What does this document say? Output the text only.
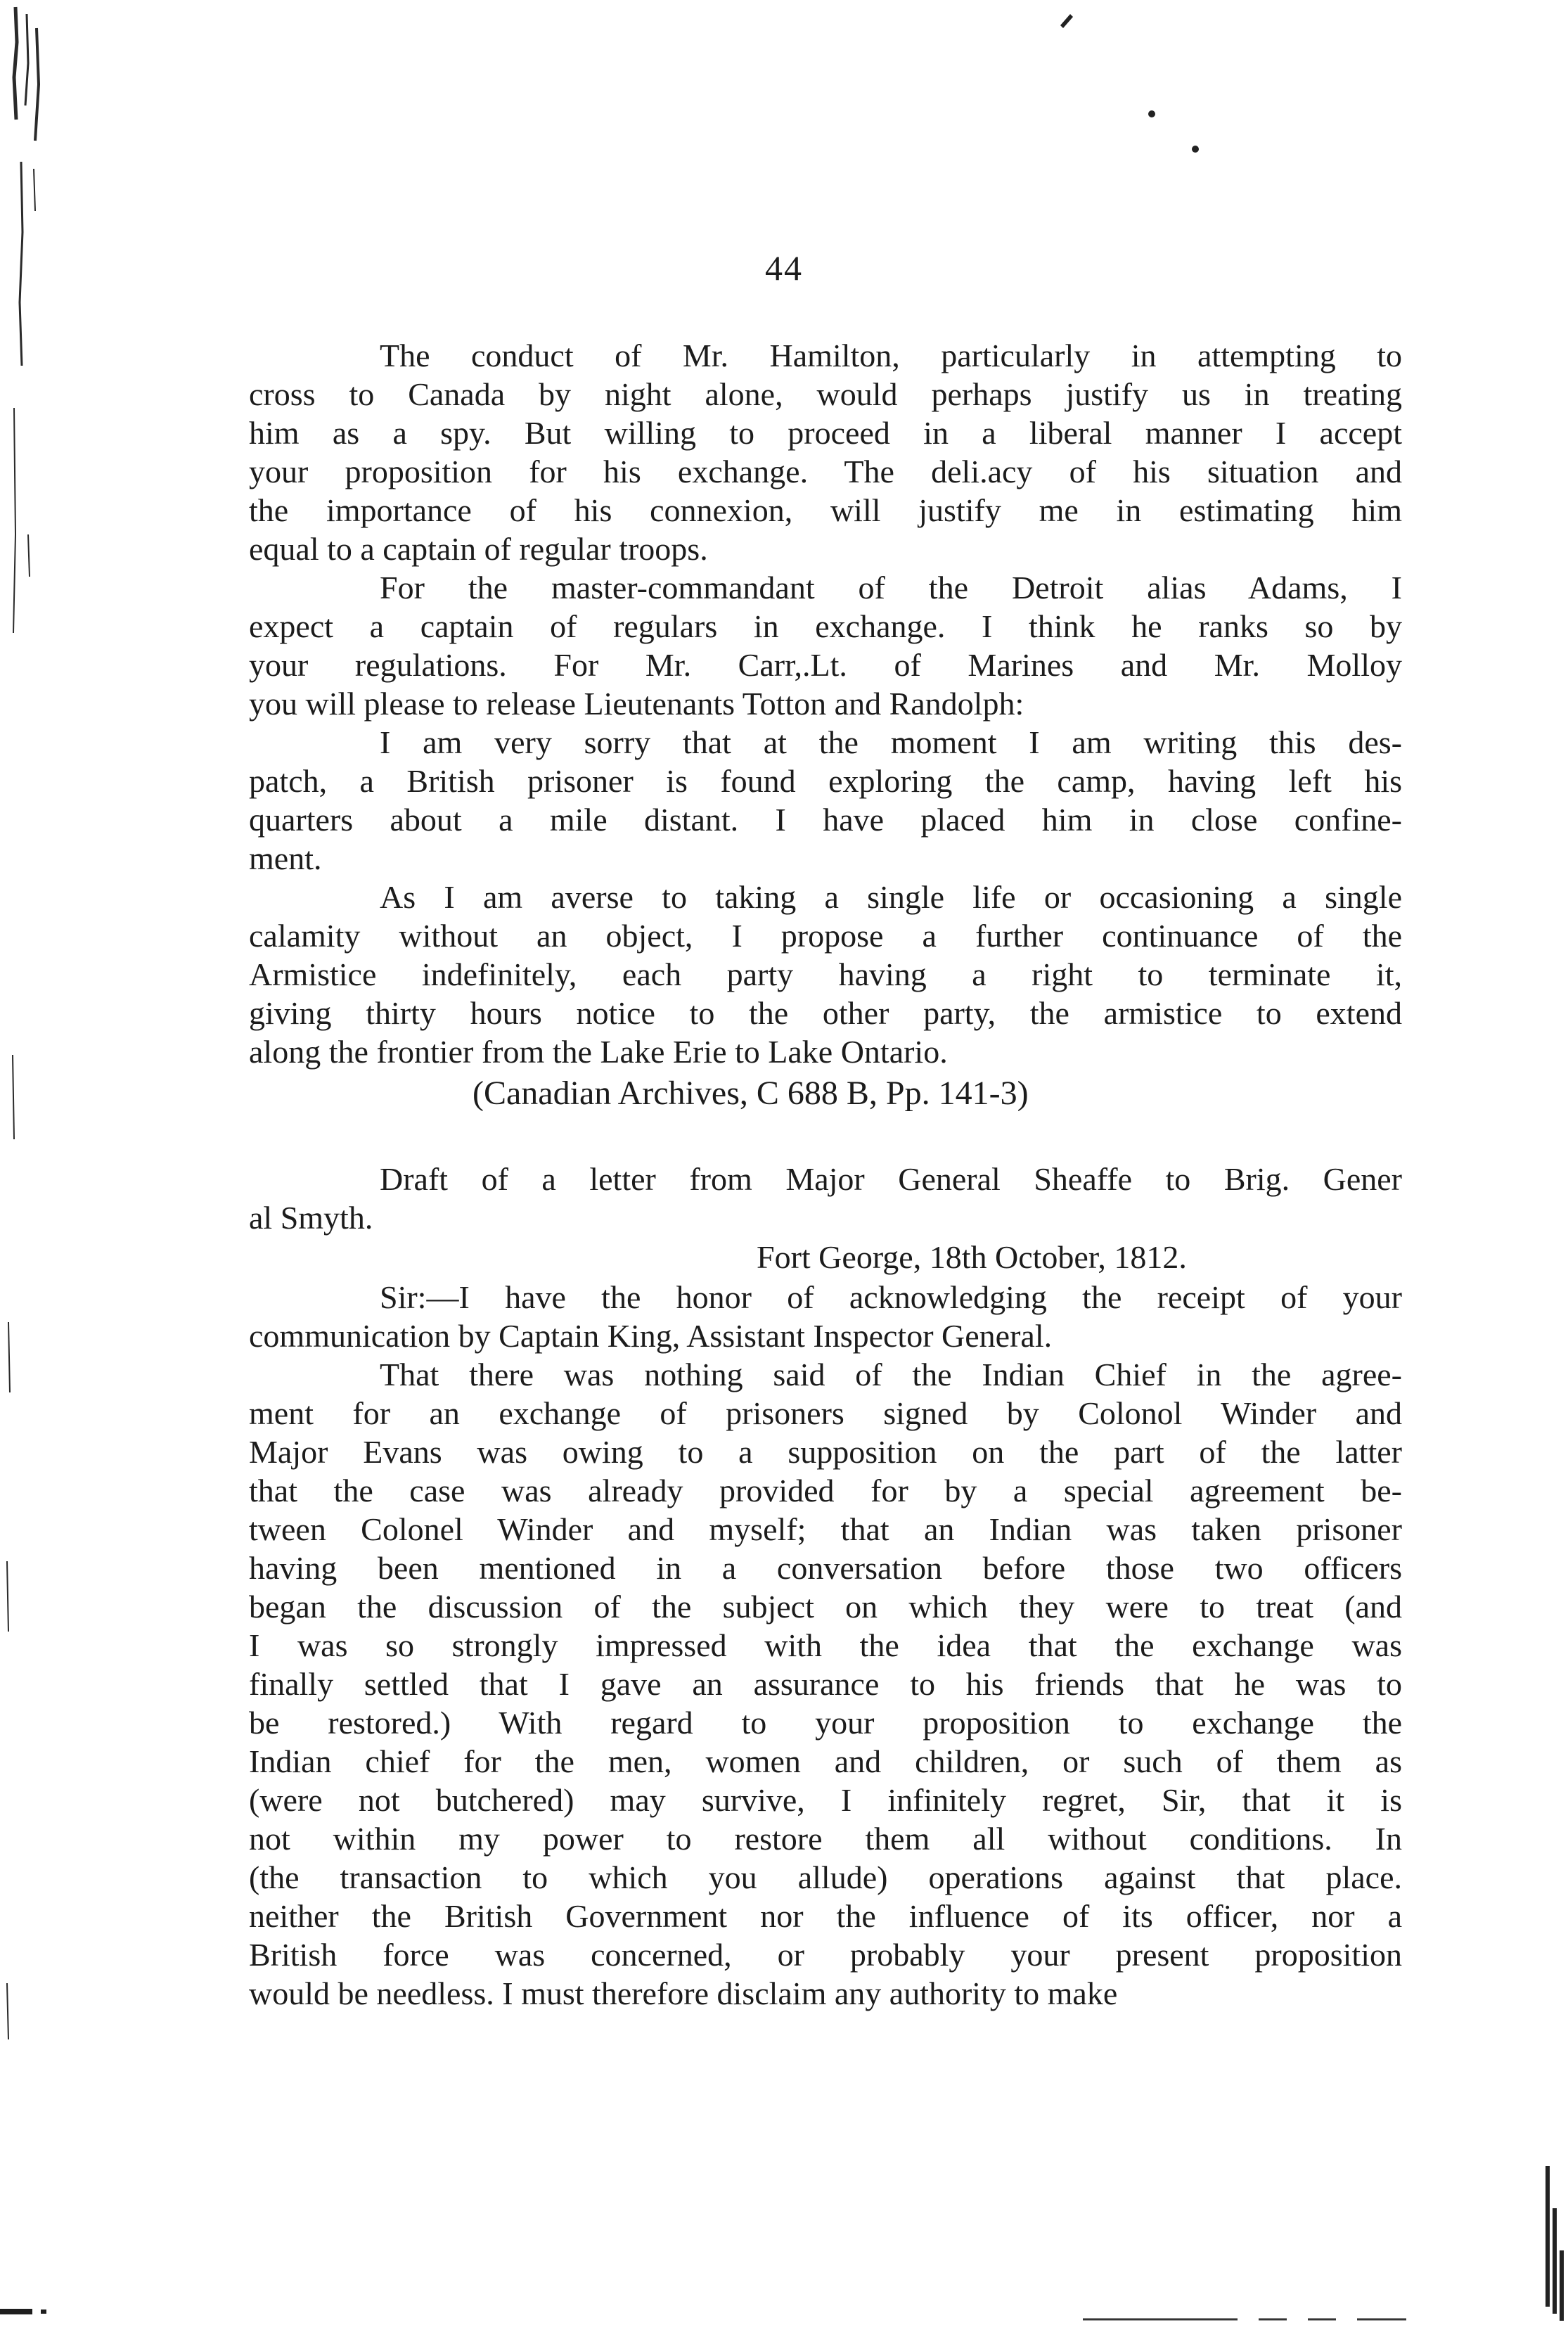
44
The conduct of Mr. Hamilton, particularly in attempting to
cross to Canada by night alone, would perhaps justify us in treating
him as a spy. But willing to proceed in a liberal manner I accept
your proposition for his exchange. The deli.acy of his situation and
the importance of his connexion, will justify me in estimating him
equal to a captain of regular troops.
For the master-commandant of the Detroit alias Adams, I
expect a captain of regulars in exchange. I think he ranks so by
your regulations. For Mr. Carr,.Lt. of Marines and Mr. Molloy
you will please to release Lieutenants Totton and Randolph:
I am very sorry that at the moment I am writing this des-
patch, a British prisoner is found exploring the camp, having left his
quarters about a mile distant. I have placed him in close confine-
ment.
As I am averse to taking a single life or occasioning a single
calamity without an object, I propose a further continuance of the
Armistice indefinitely, each party having a right to terminate it,
giving thirty hours notice to the other party, the armistice to extend
along the frontier from the Lake Erie to Lake Ontario.
(Canadian Archives, C 688 B, Pp. 141-3)
Draft of a letter from Major General Sheaffe to Brig. Gener
al Smyth.
Fort George, 18th October, 1812.
Sir:—I have the honor of acknowledging the receipt of your
communication by Captain King, Assistant Inspector General.
That there was nothing said of the Indian Chief in the agree-
ment for an exchange of prisoners signed by Colonol Winder and
Major Evans was owing to a supposition on the part of the latter
that the case was already provided for by a special agreement be-
tween Colonel Winder and myself; that an Indian was taken prisoner
having been mentioned in a conversation before those two officers
began the discussion of the subject on which they were to treat (and
I was so strongly impressed with the idea that the exchange was
finally settled that I gave an assurance to his friends that he was to
be restored.) With regard to your proposition to exchange the
Indian chief for the men, women and children, or such of them as
(were not butchered) may survive, I infinitely regret, Sir, that it is
not within my power to restore them all without conditions. In
(the transaction to which you allude) operations against that place.
neither the British Government nor the influence of its officer, nor a
British force was concerned, or probably your present proposition
would be needless. I must therefore disclaim any authority to make
